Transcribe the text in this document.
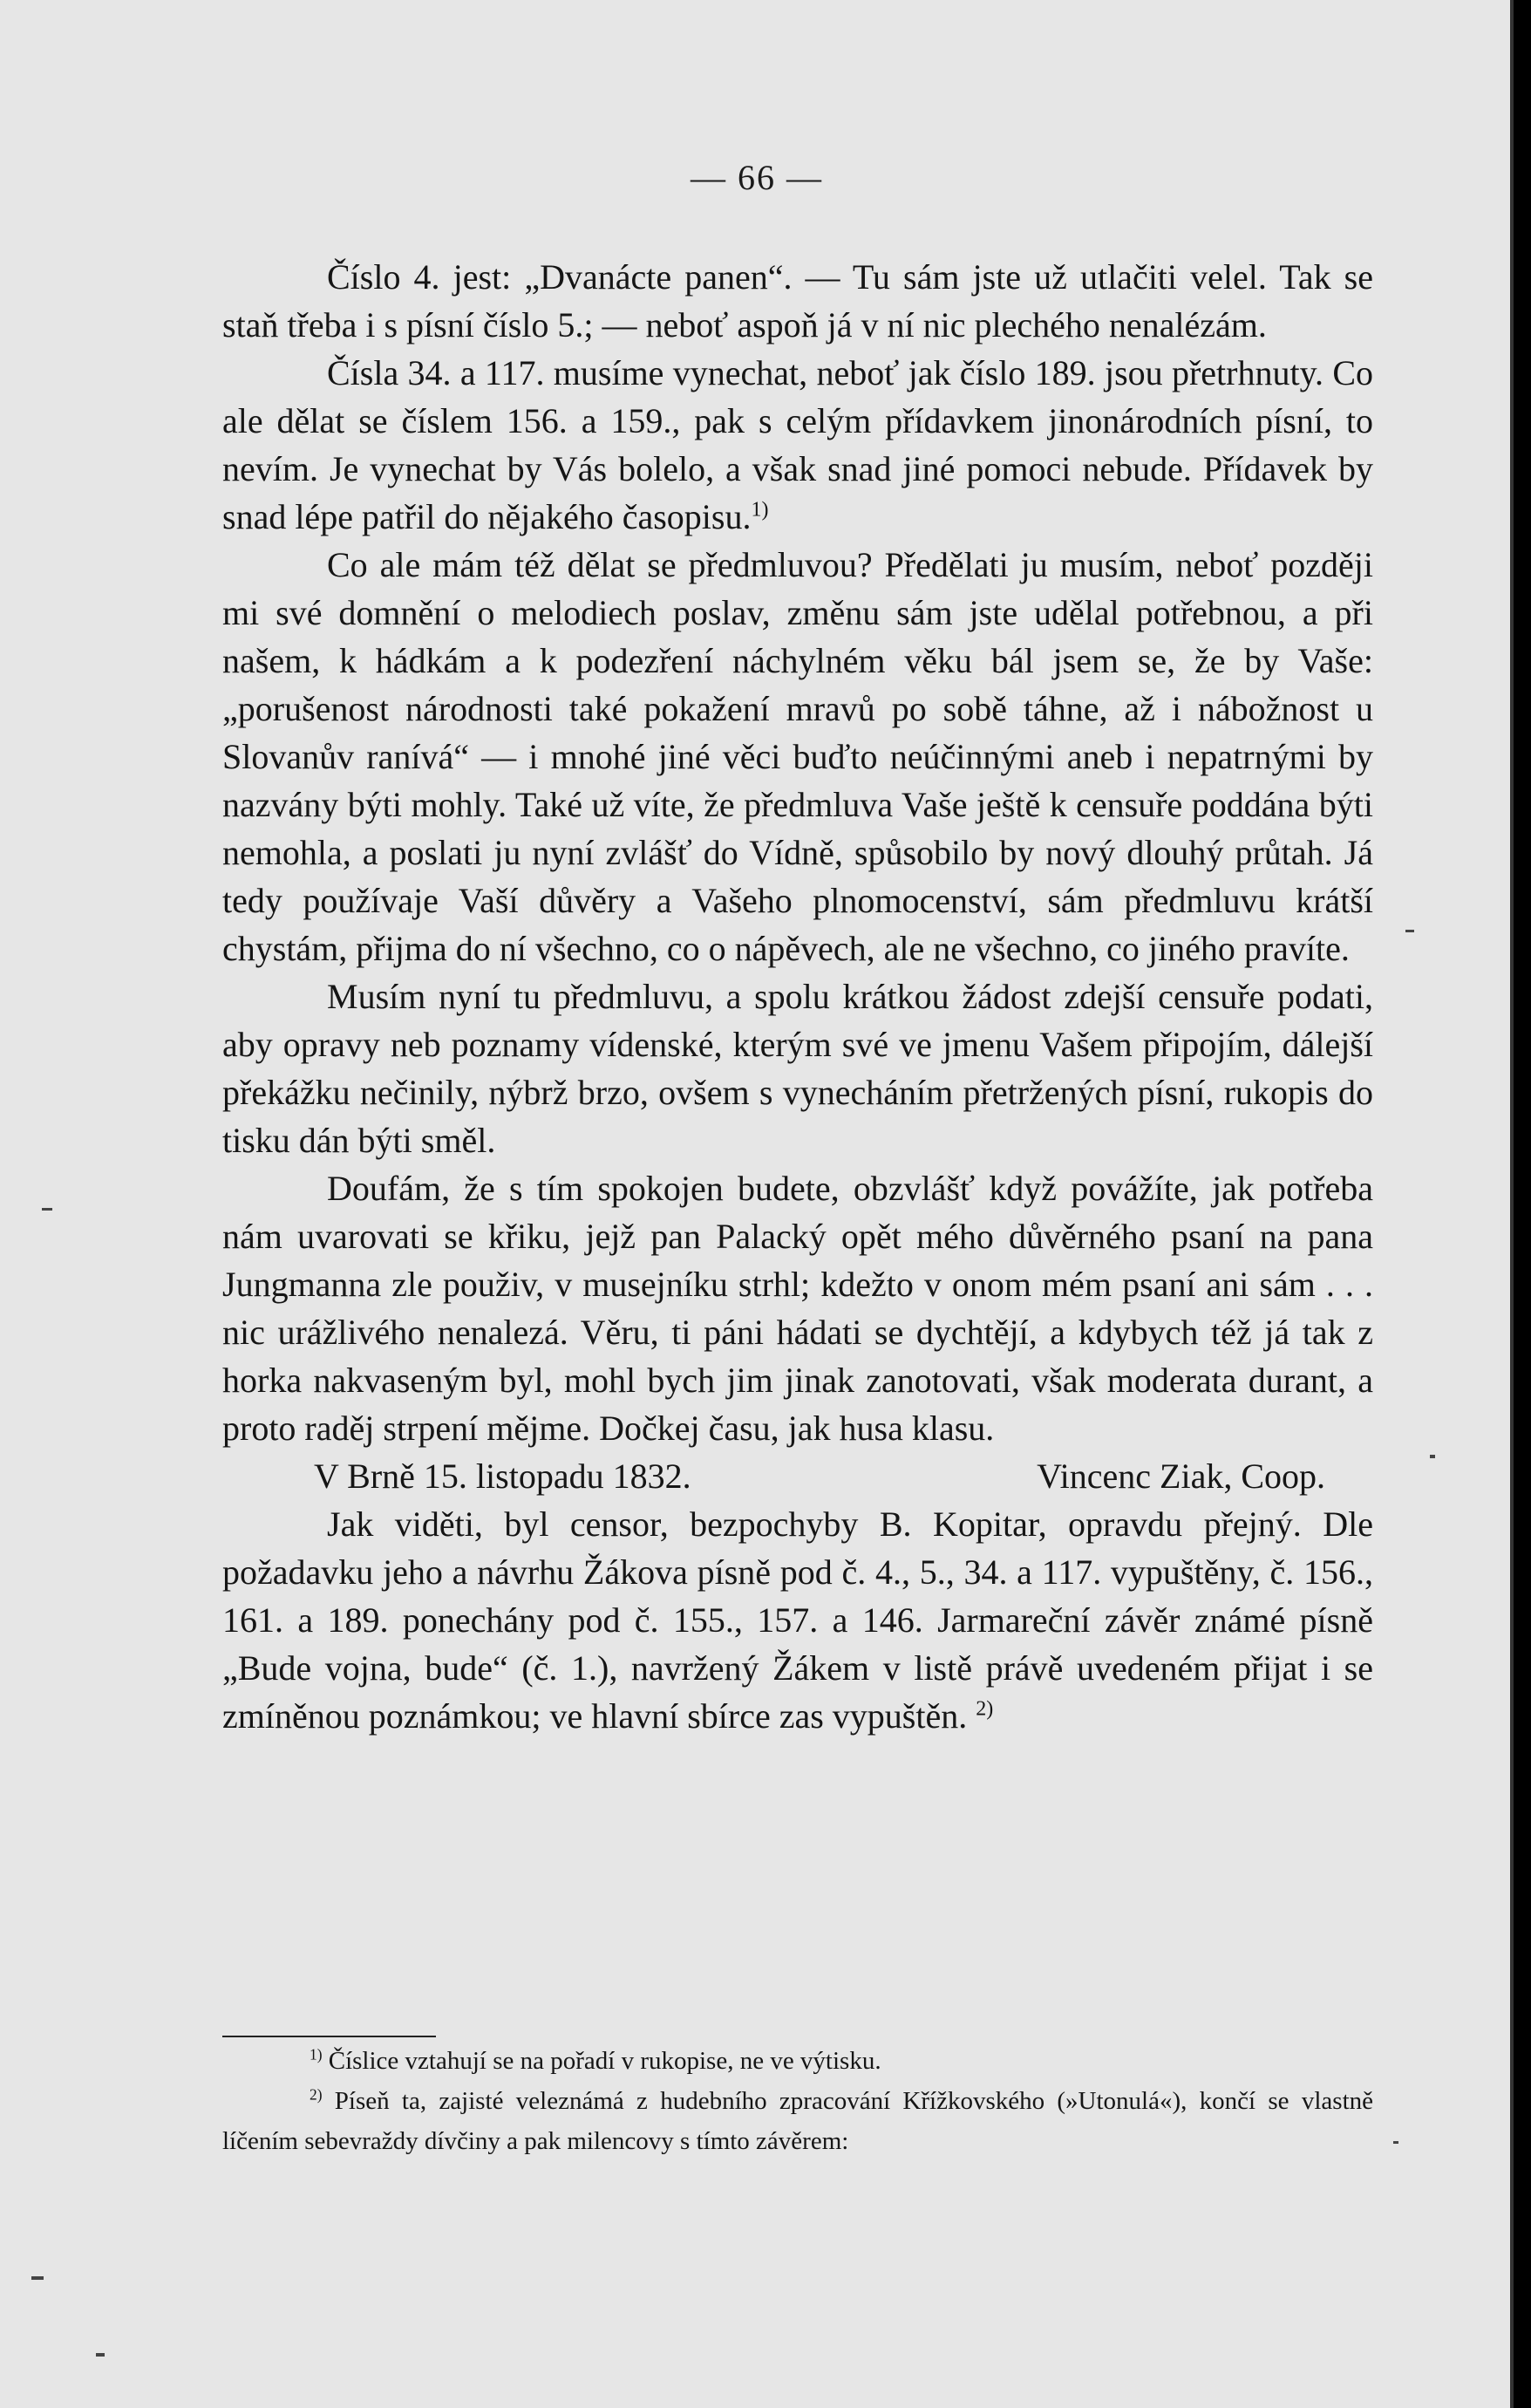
— 66 —

Číslo 4. jest: „Dvanácte panen“. — Tu sám jste už utlačiti velel. Tak se staň třeba i s písní číslo 5.; — neboť aspoň já v ní nic plechého nenalézám.

Čísla 34. a 117. musíme vynechat, neboť jak číslo 189. jsou přetrhnuty. Co ale dělat se číslem 156. a 159., pak s celým přídavkem jinonárodních písní, to nevím. Je vynechat by Vás bolelo, a však snad jiné pomoci nebude. Přídavek by snad lépe patřil do nějakého časopisu.$^{1)}$

Co ale mám též dělat se předmluvou? Předělati ju musím, neboť později mi své domnění o melodiech poslav, změnu sám jste udělal potřebnou, a při našem, k hádkám a k podezření náchylném věku bál jsem se, že by Vaše: „porušenost národnosti také pokažení mravů po sobě táhne, až i nábožnost u Slovanův ranívá“ — i mnohé jiné věci buďto neúčinnými aneb i nepatrnými by nazvány býti mohly. Také už víte, že předmluva Vaše ještě k censuře poddána býti nemohla, a poslati ju nyní zvlášť do Vídně, spůsobilo by nový dlouhý průtah. Já tedy používaje Vaší důvěry a Vašeho plnomocenství, sám předmluvu krátší chystám, přijma do ní všechno, co o nápěvech, ale ne všechno, co jiného pravíte.

Musím nyní tu předmluvu, a spolu krátkou žádost zdejší censuře podati, aby opravy neb poznamy vídenské, kterým své ve jmenu Vašem připojím, dálejší překážku nečinily, nýbrž brzo, ovšem s vynecháním přetržených písní, rukopis do tisku dán býti směl.

Doufám, že s tím spokojen budete, obzvlášť když povážíte, jak potřeba nám uvarovati se křiku, jejž pan Palacký opět mého důvěrného psaní na pana Jungmanna zle použiv, v musejníku strhl; kdežto v onom mém psaní ani sám . . . nic urážlivého nenalezá. Věru, ti páni hádati se dychtějí, a kdybych též já tak z horka nakvaseným byl, mohl bych jim jinak zanotovati, však moderata durant, a proto raděj strpení mějme. Dočkej času, jak husa klasu.

V Brně 15. listopadu 1832.	Vincenc Ziak, Coop.

Jak viděti, byl censor, bezpochyby B. Kopitar, opravdu přejný. Dle požadavku jeho a návrhu Žákova písně pod č. 4., 5., 34. a 117. vypuštěny, č. 156., 161. a 189. ponechány pod č. 155., 157. a 146. Jarmareční závěr známé písně „Bude vojna, bude“ (č. 1.), navržený Žákem v listě právě uvedeném přijat i se zmíněnou poznámkou; ve hlavní sbírce zas vypuštěn. $^{2)}$

$^{1)}$ Číslice vztahují se na pořadí v rukopise, ne ve výtisku.

$^{2)}$ Píseň ta, zajisté veleznámá z hudebního zpracování Křížkovského (»Utonulá«), končí se vlastně líčením sebevraždy dívčiny a pak milencovy s tímto závěrem:
